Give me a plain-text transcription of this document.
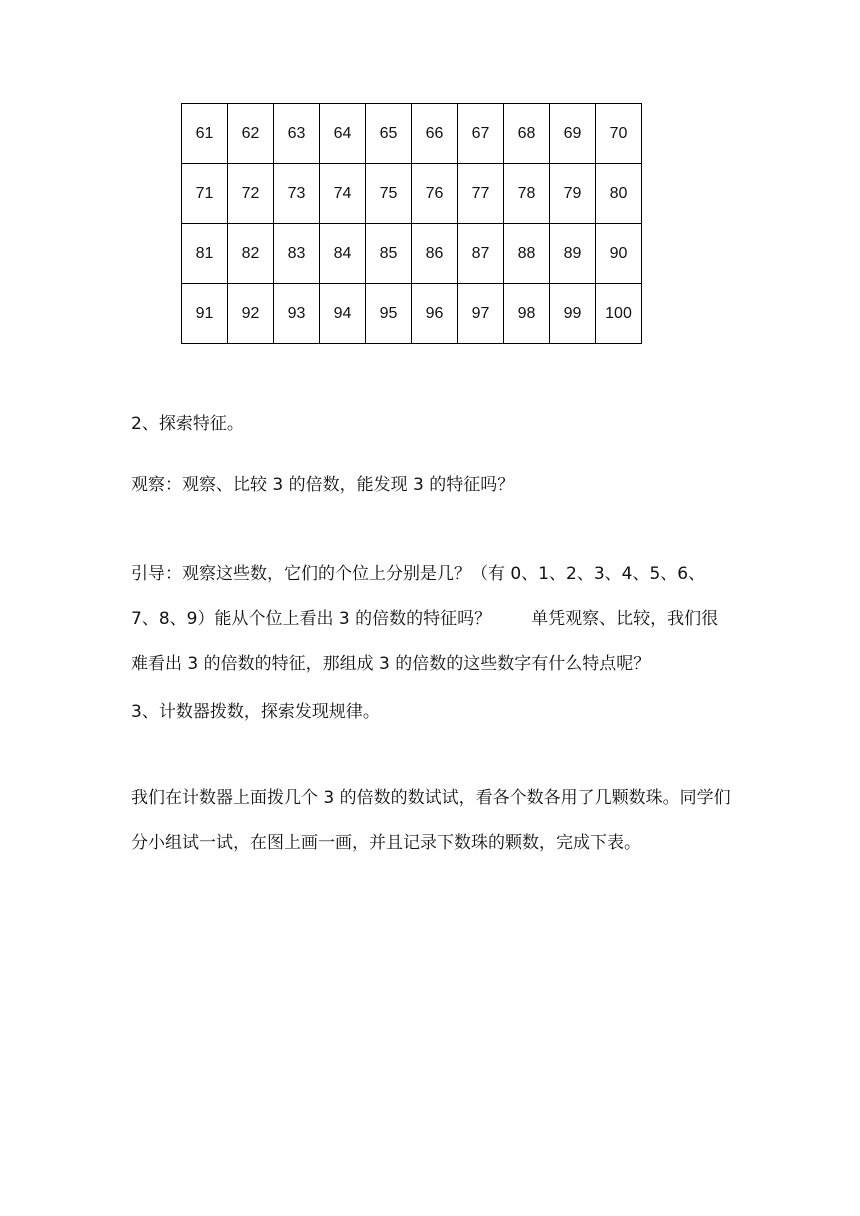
61	62	63	64	65	66	67	68	69	70
71	72	73	74	75	76	77	78	79	80
81	82	83	84	85	86	87	88	89	90
91	92	93	94	95	96	97	98	99	100

2、探索特征。

观察：观察、比较 3 的倍数，能发现 3 的特征吗？

引导：观察这些数，它们的个位上分别是几？（有 0、1、2、3、4、5、6、7、8、9）能从个位上看出 3 的倍数的特征吗？ 单凭观察、比较，我们很难看出 3 的倍数的特征，那组成 3 的倍数的这些数字有什么特点呢？

3、计数器拨数，探索发现规律。

我们在计数器上面拨几个 3 的倍数的数试试，看各个数各用了几颗数珠。同学们分小组试一试，在图上画一画，并且记录下数珠的颗数，完成下表。
